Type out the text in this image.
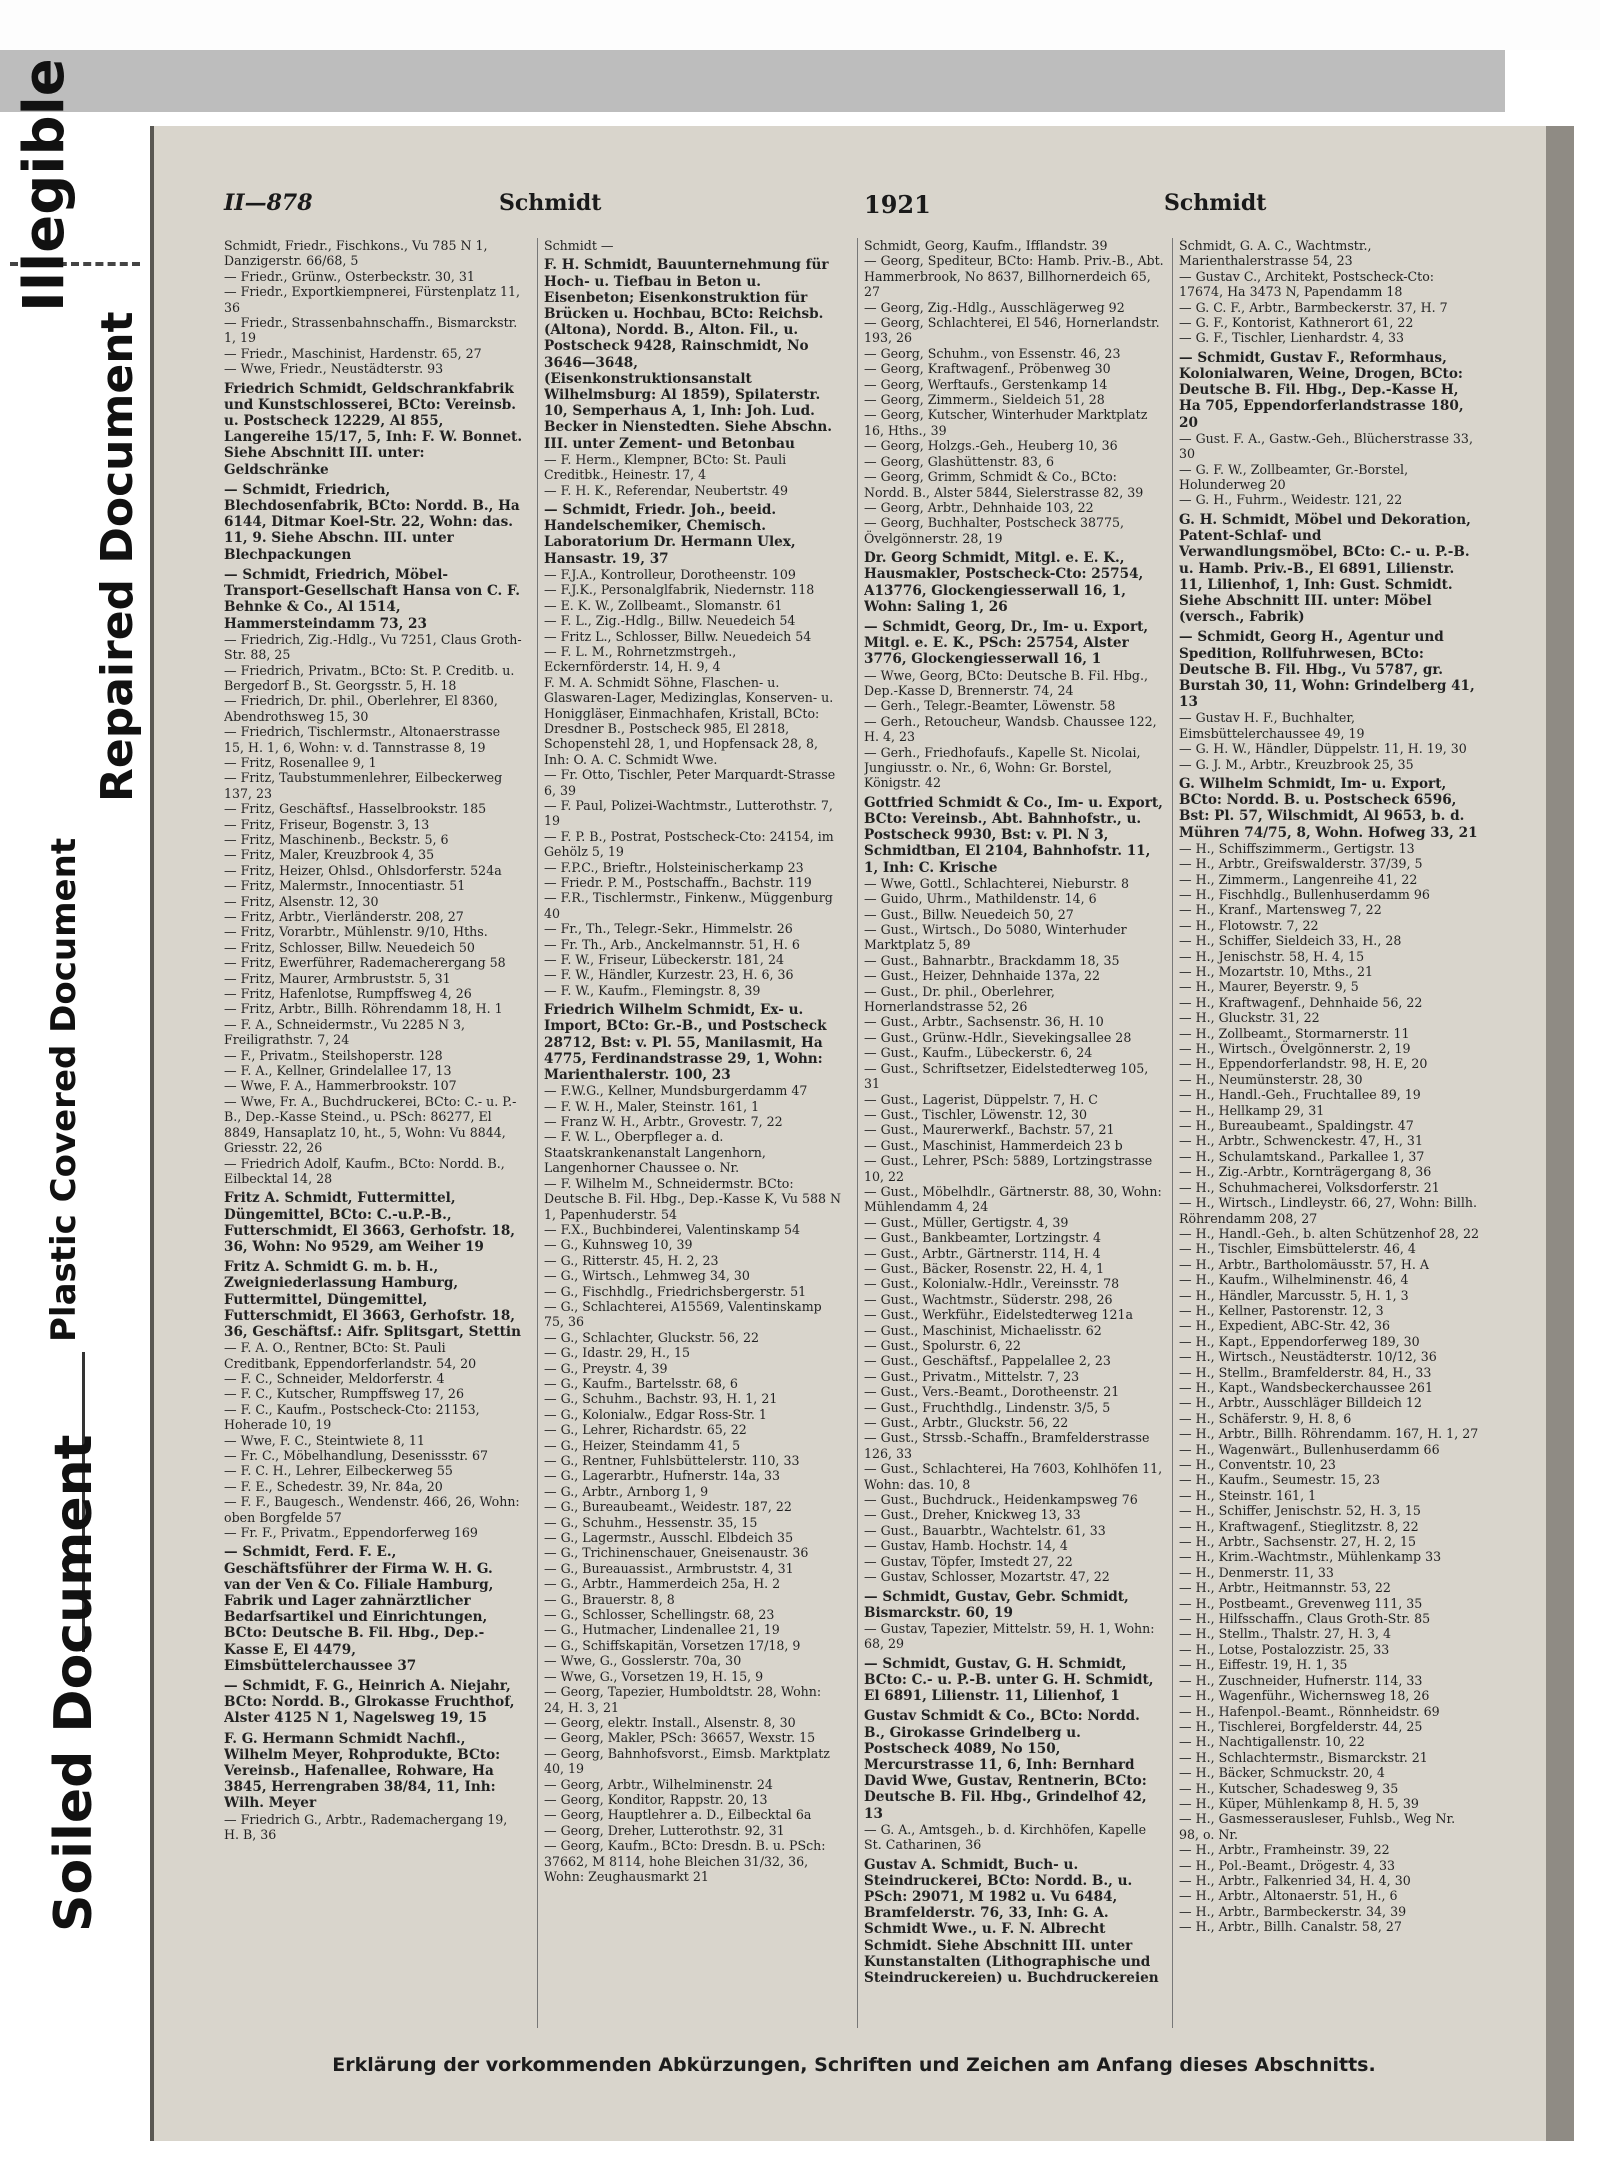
Illegible
Repaired Document
Plastic Covered Document
Soiled Document
II—878	Schmidt	1921	Schmidt

Schmidt, Friedr., Fischkons., Vu 785 N 1, Danzigerstr. 66/68, 5

— Friedr., Grünw., Osterbeckstr. 30, 31

— Friedr., Exportkiempnerei, Fürstenplatz 11, 36

— Friedr., Strassenbahnschaffn., Bismarckstr. 1, 19

— Friedr., Maschinist, Hardenstr. 65, 27

— Wwe, Friedr., Neustädterstr. 93

Friedrich Schmidt, Geldschrankfabrik und Kunstschlosserei, BCto: Vereinsb. u. Postscheck 12229, Al 855, Langereihe 15/17, 5, Inh: F. W. Bonnet. Siehe Abschnitt III. unter: Geldschränke

— Schmidt, Friedrich, Blechdosenfabrik, BCto: Nordd. B., Ha 6144, Ditmar Koel-Str. 22, Wohn: das. 11, 9. Siehe Abschn. III. unter Blechpackungen

— Schmidt, Friedrich, Möbel-Transport-Gesellschaft Hansa von C. F. Behnke & Co., Al 1514, Hammersteindamm 73, 23

— Friedrich, Zig.-Hdlg., Vu 7251, Claus Groth-Str. 88, 25

— Friedrich, Privatm., BCto: St. P. Creditb. u. Bergedorf B., St. Georgsstr. 5, H. 18

— Friedrich, Dr. phil., Oberlehrer, El 8360, Abendrothsweg 15, 30

— Friedrich, Tischlermstr., Altonaerstrasse 15, H. 1, 6, Wohn: v. d. Tannstrasse 8, 19

— Fritz, Rosenallee 9, 1

— Fritz, Taubstummenlehrer, Eilbeckerweg 137, 23

— Fritz, Geschäftsf., Hasselbrookstr. 185

— Fritz, Friseur, Bogenstr. 3, 13

— Fritz, Maschinenb., Beckstr. 5, 6

— Fritz, Maler, Kreuzbrook 4, 35

— Fritz, Heizer, Ohlsd., Ohlsdorferstr. 524a

— Fritz, Malermstr., Innocentiastr. 51

— Fritz, Alsenstr. 12, 30

— Fritz, Arbtr., Vierländerstr. 208, 27

— Fritz, Vorarbtr., Mühlenstr. 9/10, Hths.

— Fritz, Schlosser, Billw. Neuedeich 50

— Fritz, Ewerführer, Rademacherergang 58

— Fritz, Maurer, Armbruststr. 5, 31

— Fritz, Hafenlotse, Rumpffsweg 4, 26

— Fritz, Arbtr., Billh. Röhrendamm 18, H. 1

— F. A., Schneidermstr., Vu 2285 N 3, Freiligrathstr. 7, 24

— F., Privatm., Steilshoperstr. 128

— F. A., Kellner, Grindelallee 17, 13

— Wwe, F. A., Hammerbrookstr. 107

— Wwe, Fr. A., Buchdruckerei, BCto: C.- u. P.-B., Dep.-Kasse Steind., u. PSch: 86277, El 8849, Hansaplatz 10, ht., 5, Wohn: Vu 8844, Griesstr. 22, 26

— Friedrich Adolf, Kaufm., BCto: Nordd. B., Eilbecktal 14, 28

Fritz A. Schmidt, Futtermittel, Düngemittel, BCto: C.-u.P.-B., Futterschmidt, El 3663, Gerhofstr. 18, 36, Wohn: No 9529, am Weiher 19

Fritz A. Schmidt G. m. b. H., Zweigniederlassung Hamburg, Futtermittel, Düngemittel, Futterschmidt, El 3663, Gerhofstr. 18, 36, Geschäftsf.: Aifr. Splitsgart, Stettin

— F. A. O., Rentner, BCto: St. Pauli Creditbank, Eppendorferlandstr. 54, 20

— F. C., Schneider, Meldorferstr. 4

— F. C., Kutscher, Rumpffsweg 17, 26

— F. C., Kaufm., Postscheck-Cto: 21153, Hoherade 10, 19

— Wwe, F. C., Steintwiete 8, 11

— Fr. C., Möbelhandlung, Desenissstr. 67

— F. C. H., Lehrer, Eilbeckerweg 55

— F. E., Schedestr. 39, Nr. 84a, 20

— F. F., Baugesch., Wendenstr. 466, 26, Wohn: oben Borgfelde 57

— Fr. F., Privatm., Eppendorferweg 169

— Schmidt, Ferd. F. E., Geschäftsführer der Firma W. H. G. van der Ven & Co. Filiale Hamburg, Fabrik und Lager zahnärztlicher Bedarfsartikel und Einrichtungen, BCto: Deutsche B. Fil. Hbg., Dep.-Kasse E, El 4479, Eimsbüttelerchaussee 37

— Schmidt, F. G., Heinrich A. Niejahr, BCto: Nordd. B., Glrokasse Fruchthof, Alster 4125 N 1, Nagelsweg 19, 15

F. G. Hermann Schmidt Nachfl., Wilhelm Meyer, Rohprodukte, BCto: Vereinsb., Hafenallee, Rohware, Ha 3845, Herrengraben 38/84, 11, Inh: Wilh. Meyer

— Friedrich G., Arbtr., Rademachergang 19, H. B, 36

Schmidt —

F. H. Schmidt, Bauunternehmung für Hoch- u. Tiefbau in Beton u. Eisenbeton; Eisenkonstruktion für Brücken u. Hochbau, BCto: Reichsb. (Altona), Nordd. B., Alton. Fil., u. Postscheck 9428, Rainschmidt, No 3646—3648, (Eisenkonstruktionsanstalt Wilhelmsburg: Al 1859), Spilaterstr. 10, Semperhaus A, 1, Inh: Joh. Lud. Becker in Nienstedten. Siehe Abschn. III. unter Zement- und Betonbau

— F. Herm., Klempner, BCto: St. Pauli Creditbk., Heinestr. 17, 4

— F. H. K., Referendar, Neubertstr. 49

— Schmidt, Friedr. Joh., beeid. Handelschemiker, Chemisch. Laboratorium Dr. Hermann Ulex, Hansastr. 19, 37

— F.J.A., Kontrolleur, Dorotheenstr. 109

— F.J.K., Personalglfabrik, Niedernstr. 118

— E. K. W., Zollbeamt., Slomanstr. 61

— F. L., Zig.-Hdlg., Billw. Neuedeich 54

— Fritz L., Schlosser, Billw. Neuedeich 54

— F. L. M., Rohrnetzmstrgeh., Eckernförderstr. 14, H. 9, 4

F. M. A. Schmidt Söhne, Flaschen- u. Glaswaren-Lager, Medizinglas, Konserven- u. Honiggläser, Einmachhafen, Kristall, BCto: Dresdner B., Postscheck 985, El 2818, Schopenstehl 28, 1, und Hopfensack 28, 8, Inh: O. A. C. Schmidt Wwe.

— Fr. Otto, Tischler, Peter Marquardt-Strasse 6, 39

— F. Paul, Polizei-Wachtmstr., Lutterothstr. 7, 19

— F. P. B., Postrat, Postscheck-Cto: 24154, im Gehölz 5, 19

— F.P.C., Brieftr., Holsteinischerkamp 23

— Friedr. P. M., Postschaffn., Bachstr. 119

— F.R., Tischlermstr., Finkenw., Müggenburg 40

— Fr., Th., Telegr.-Sekr., Himmelstr. 26

— Fr. Th., Arb., Anckelmannstr. 51, H. 6

— F. W., Friseur, Lübeckerstr. 181, 24

— F. W., Händler, Kurzestr. 23, H. 6, 36

— F. W., Kaufm., Flemingstr. 8, 39

Friedrich Wilhelm Schmidt, Ex- u. Import, BCto: Gr.-B., und Postscheck 28712, Bst: v. Pl. 55, Manilasmit, Ha 4775, Ferdinandstrasse 29, 1, Wohn: Marienthalerstr. 100, 23

— F.W.G., Kellner, Mundsburgerdamm 47

— F. W. H., Maler, Steinstr. 161, 1

— Franz W. H., Arbtr., Grovestr. 7, 22

— F. W. L., Oberpfleger a. d. Staatskrankenanstalt Langenhorn, Langenhorner Chaussee o. Nr.

— F. Wilhelm M., Schneidermstr. BCto: Deutsche B. Fil. Hbg., Dep.-Kasse K, Vu 588 N 1, Papenhuderstr. 54

— F.X., Buchbinderei, Valentinskamp 54

— G., Kuhnsweg 10, 39

— G., Ritterstr. 45, H. 2, 23

— G., Wirtsch., Lehmweg 34, 30

— G., Fischhdlg., Friedrichsbergerstr. 51

— G., Schlachterei, A15569, Valentinskamp 75, 36

— G., Schlachter, Gluckstr. 56, 22

— G., Idastr. 29, H., 15

— G., Preystr. 4, 39

— G., Kaufm., Bartelsstr. 68, 6

— G., Schuhm., Bachstr. 93, H. 1, 21

— G., Kolonialw., Edgar Ross-Str. 1

— G., Lehrer, Richardstr. 65, 22

— G., Heizer, Steindamm 41, 5

— G., Rentner, Fuhlsbüttelerstr. 110, 33

— G., Lagerarbtr., Hufnerstr. 14a, 33

— G., Arbtr., Arnborg 1, 9

— G., Bureaubeamt., Weidestr. 187, 22

— G., Schuhm., Hessenstr. 35, 15

— G., Lagermstr., Ausschl. Elbdeich 35

— G., Trichinenschauer, Gneisenaustr. 36

— G., Bureauassist., Armbruststr. 4, 31

— G., Arbtr., Hammerdeich 25a, H. 2

— G., Brauerstr. 8, 8

— G., Schlosser, Schellingstr. 68, 23

— G., Hutmacher, Lindenallee 21, 19

— G., Schiffskapitän, Vorsetzen 17/18, 9

— Wwe, G., Gosslerstr. 70a, 30

— Wwe, G., Vorsetzen 19, H. 15, 9

— Georg, Tapezier, Humboldtstr. 28, Wohn: 24, H. 3, 21

— Georg, elektr. Install., Alsenstr. 8, 30

— Georg, Makler, PSch: 36657, Wexstr. 15

— Georg, Bahnhofsvorst., Eimsb. Marktplatz 40, 19

— Georg, Arbtr., Wilhelminenstr. 24

— Georg, Konditor, Rappstr. 20, 13

— Georg, Hauptlehrer a. D., Eilbecktal 6a

— Georg, Dreher, Lutterothstr. 92, 31

— Georg, Kaufm., BCto: Dresdn. B. u. PSch: 37662, M 8114, hohe Bleichen 31/32, 36, Wohn: Zeughausmarkt 21

Schmidt, Georg, Kaufm., Ifflandstr. 39

— Georg, Spediteur, BCto: Hamb. Priv.-B., Abt. Hammerbrook, No 8637, Billhornerdeich 65, 27

— Georg, Zig.-Hdlg., Ausschlägerweg 92

— Georg, Schlachterei, El 546, Hornerlandstr. 193, 26

— Georg, Schuhm., von Essenstr. 46, 23

— Georg, Kraftwagenf., Pröbenweg 30

— Georg, Werftaufs., Gerstenkamp 14

— Georg, Zimmerm., Sieldeich 51, 28

— Georg, Kutscher, Winterhuder Marktplatz 16, Hths., 39

— Georg, Holzgs.-Geh., Heuberg 10, 36

— Georg, Glashüttenstr. 83, 6

— Georg, Grimm, Schmidt & Co., BCto: Nordd. B., Alster 5844, Sielerstrasse 82, 39

— Georg, Arbtr., Dehnhaide 103, 22

— Georg, Buchhalter, Postscheck 38775, Övelgönnerstr. 28, 19

Dr. Georg Schmidt, Mitgl. e. E. K., Hausmakler, Postscheck-Cto: 25754, A13776, Glockengiesserwall 16, 1, Wohn: Saling 1, 26

— Schmidt, Georg, Dr., Im- u. Export, Mitgl. e. E. K., PSch: 25754, Alster 3776, Glockengiesserwall 16, 1

— Wwe, Georg, BCto: Deutsche B. Fil. Hbg., Dep.-Kasse D, Brennerstr. 74, 24

— Gerh., Telegr.-Beamter, Löwenstr. 58

— Gerh., Retoucheur, Wandsb. Chaussee 122, H. 4, 23

— Gerh., Friedhofaufs., Kapelle St. Nicolai, Jungiusstr. o. Nr., 6, Wohn: Gr. Borstel, Königstr. 42

Gottfried Schmidt & Co., Im- u. Export, BCto: Vereinsb., Abt. Bahnhofstr., u. Postscheck 9930, Bst: v. Pl. N 3, Schmidtban, El 2104, Bahnhofstr. 11, 1, Inh: C. Krische

— Wwe, Gottl., Schlachterei, Nieburstr. 8

— Guido, Uhrm., Mathildenstr. 14, 6

— Gust., Billw. Neuedeich 50, 27

— Gust., Wirtsch., Do 5080, Winterhuder Marktplatz 5, 89

— Gust., Bahnarbtr., Brackdamm 18, 35

— Gust., Heizer, Dehnhaide 137a, 22

— Gust., Dr. phil., Oberlehrer, Hornerlandstrasse 52, 26

— Gust., Arbtr., Sachsenstr. 36, H. 10

— Gust., Grünw.-Hdlr., Sievekingsallee 28

— Gust., Kaufm., Lübeckerstr. 6, 24

— Gust., Schriftsetzer, Eidelstedterweg 105, 31

— Gust., Lagerist, Düppelstr. 7, H. C

— Gust., Tischler, Löwenstr. 12, 30

— Gust., Maurerwerkf., Bachstr. 57, 21

— Gust., Maschinist, Hammerdeich 23 b

— Gust., Lehrer, PSch: 5889, Lortzingstrasse 10, 22

— Gust., Möbelhdlr., Gärtnerstr. 88, 30, Wohn: Mühlendamm 4, 24

— Gust., Müller, Gertigstr. 4, 39

— Gust., Bankbeamter, Lortzingstr. 4

— Gust., Arbtr., Gärtnerstr. 114, H. 4

— Gust., Bäcker, Rosenstr. 22, H. 4, 1

— Gust., Kolonialw.-Hdlr., Vereinsstr. 78

— Gust., Wachtmstr., Süderstr. 298, 26

— Gust., Werkführ., Eidelstedterweg 121a

— Gust., Maschinist, Michaelisstr. 62

— Gust., Spolurstr. 6, 22

— Gust., Geschäftsf., Pappelallee 2, 23

— Gust., Privatm., Mittelstr. 7, 23

— Gust., Vers.-Beamt., Dorotheenstr. 21

— Gust., Fruchthdlg., Lindenstr. 3/5, 5

— Gust., Arbtr., Gluckstr. 56, 22

— Gust., Strssb.-Schaffn., Bramfelderstrasse 126, 33

— Gust., Schlachterei, Ha 7603, Kohlhöfen 11, Wohn: das. 10, 8

— Gust., Buchdruck., Heidenkampsweg 76

— Gust., Dreher, Knickweg 13, 33

— Gust., Bauarbtr., Wachtelstr. 61, 33

— Gustav, Hamb. Hochstr. 14, 4

— Gustav, Töpfer, Imstedt 27, 22

— Gustav, Schlosser, Mozartstr. 47, 22

— Schmidt, Gustav, Gebr. Schmidt, Bismarckstr. 60, 19

— Gustav, Tapezier, Mittelstr. 59, H. 1, Wohn: 68, 29

— Schmidt, Gustav, G. H. Schmidt, BCto: C.- u. P.-B. unter G. H. Schmidt, El 6891, Lilienstr. 11, Lilienhof, 1

Gustav Schmidt & Co., BCto: Nordd. B., Girokasse Grindelberg u. Postscheck 4089, No 150, Mercurstrasse 11, 6, Inh: Bernhard David Wwe, Gustav, Rentnerin, BCto: Deutsche B. Fil. Hbg., Grindelhof 42, 13

— G. A., Amtsgeh., b. d. Kirchhöfen, Kapelle St. Catharinen, 36

Gustav A. Schmidt, Buch- u. Steindruckerei, BCto: Nordd. B., u. PSch: 29071, M 1982 u. Vu 6484, Bramfelderstr. 76, 33, Inh: G. A. Schmidt Wwe., u. F. N. Albrecht Schmidt. Siehe Abschnitt III. unter Kunstanstalten (Lithographische und Steindruckereien) u. Buchdruckereien

Schmidt, G. A. C., Wachtmstr., Marienthalerstrasse 54, 23

— Gustav C., Architekt, Postscheck-Cto: 17674, Ha 3473 N, Papendamm 18

— G. C. F., Arbtr., Barmbeckerstr. 37, H. 7

— G. F., Kontorist, Kathnerort 61, 22

— G. F., Tischler, Lienhardstr. 4, 33

— Schmidt, Gustav F., Reformhaus, Kolonialwaren, Weine, Drogen, BCto: Deutsche B. Fil. Hbg., Dep.-Kasse H, Ha 705, Eppendorferlandstrasse 180, 20

— Gust. F. A., Gastw.-Geh., Blücherstrasse 33, 30

— G. F. W., Zollbeamter, Gr.-Borstel, Holunderweg 20

— G. H., Fuhrm., Weidestr. 121, 22

G. H. Schmidt, Möbel und Dekoration, Patent-Schlaf- und Verwandlungsmöbel, BCto: C.- u. P.-B. u. Hamb. Priv.-B., El 6891, Lilienstr. 11, Lilienhof, 1, Inh: Gust. Schmidt. Siehe Abschnitt III. unter: Möbel (versch., Fabrik)

— Schmidt, Georg H., Agentur und Spedition, Rollfuhrwesen, BCto: Deutsche B. Fil. Hbg., Vu 5787, gr. Burstah 30, 11, Wohn: Grindelberg 41, 13

— Gustav H. F., Buchhalter, Eimsbüttelerchaussee 49, 19

— G. H. W., Händler, Düppelstr. 11, H. 19, 30

— G. J. M., Arbtr., Kreuzbrook 25, 35

G. Wilhelm Schmidt, Im- u. Export, BCto: Nordd. B. u. Postscheck 6596, Bst: Pl. 57, Wilschmidt, Al 9653, b. d. Mühren 74/75, 8, Wohn. Hofweg 33, 21

— H., Schiffszimmerm., Gertigstr. 13

— H., Arbtr., Greifswalderstr. 37/39, 5

— H., Zimmerm., Langenreihe 41, 22

— H., Fischhdlg., Bullenhuserdamm 96

— H., Kranf., Martensweg 7, 22

— H., Flotowstr. 7, 22

— H., Schiffer, Sieldeich 33, H., 28

— H., Jenischstr. 58, H. 4, 15

— H., Mozartstr. 10, Mths., 21

— H., Maurer, Beyerstr. 9, 5

— H., Kraftwagenf., Dehnhaide 56, 22

— H., Gluckstr. 31, 22

— H., Zollbeamt., Stormarnerstr. 11

— H., Wirtsch., Övelgönnerstr. 2, 19

— H., Eppendorferlandstr. 98, H. E, 20

— H., Neumünsterstr. 28, 30

— H., Handl.-Geh., Fruchtallee 89, 19

— H., Hellkamp 29, 31

— H., Bureaubeamt., Spaldingstr. 47

— H., Arbtr., Schwenckestr. 47, H., 31

— H., Schulamtskand., Parkallee 1, 37

— H., Zig.-Arbtr., Kornträgergang 8, 36

— H., Schuhmacherei, Volksdorferstr. 21

— H., Wirtsch., Lindleystr. 66, 27, Wohn: Billh. Röhrendamm 208, 27

— H., Handl.-Geh., b. alten Schützenhof 28, 22

— H., Tischler, Eimsbüttelerstr. 46, 4

— H., Arbtr., Bartholomäusstr. 57, H. A

— H., Kaufm., Wilhelminenstr. 46, 4

— H., Händler, Marcusstr. 5, H. 1, 3

— H., Kellner, Pastorenstr. 12, 3

— H., Expedient, ABC-Str. 42, 36

— H., Kapt., Eppendorferweg 189, 30

— H., Wirtsch., Neustädterstr. 10/12, 36

— H., Stellm., Bramfelderstr. 84, H., 33

— H., Kapt., Wandsbeckerchaussee 261

— H., Arbtr., Ausschläger Billdeich 12

— H., Schäferstr. 9, H. 8, 6

— H., Arbtr., Billh. Röhrendamm. 167, H. 1, 27

— H., Wagenwärt., Bullenhuserdamm 66

— H., Conventstr. 10, 23

— H., Kaufm., Seumestr. 15, 23

— H., Steinstr. 161, 1

— H., Schiffer, Jenischstr. 52, H. 3, 15

— H., Kraftwagenf., Stieglitzstr. 8, 22

— H., Arbtr., Sachsenstr. 27, H. 2, 15

— H., Krim.-Wachtmstr., Mühlenkamp 33

— H., Denmerstr. 11, 33

— H., Arbtr., Heitmannstr. 53, 22

— H., Postbeamt., Grevenweg 111, 35

— H., Hilfsschaffn., Claus Groth-Str. 85

— H., Stellm., Thalstr. 27, H. 3, 4

— H., Lotse, Postalozzistr. 25, 33

— H., Eiffestr. 19, H. 1, 35

— H., Zuschneider, Hufnerstr. 114, 33

— H., Wagenführ., Wichernsweg 18, 26

— H., Hafenpol.-Beamt., Rönnheidstr. 69

— H., Tischlerei, Borgfelderstr. 44, 25

— H., Nachtigallenstr. 10, 22

— H., Schlachtermstr., Bismarckstr. 21

— H., Bäcker, Schmuckstr. 20, 4

— H., Kutscher, Schadesweg 9, 35

— H., Küper, Mühlenkamp 8, H. 5, 39

— H., Gasmesserausleser, Fuhlsb., Weg Nr. 98, o. Nr.

— H., Arbtr., Framheinstr. 39, 22

— H., Pol.-Beamt., Drögestr. 4, 33

— H., Arbtr., Falkenried 34, H. 4, 30

— H., Arbtr., Altonaerstr. 51, H., 6

— H., Arbtr., Barmbeckerstr. 34, 39

— H., Arbtr., Billh. Canalstr. 58, 27

Erklärung der vorkommenden Abkürzungen, Schriften und Zeichen am Anfang dieses Abschnitts.
